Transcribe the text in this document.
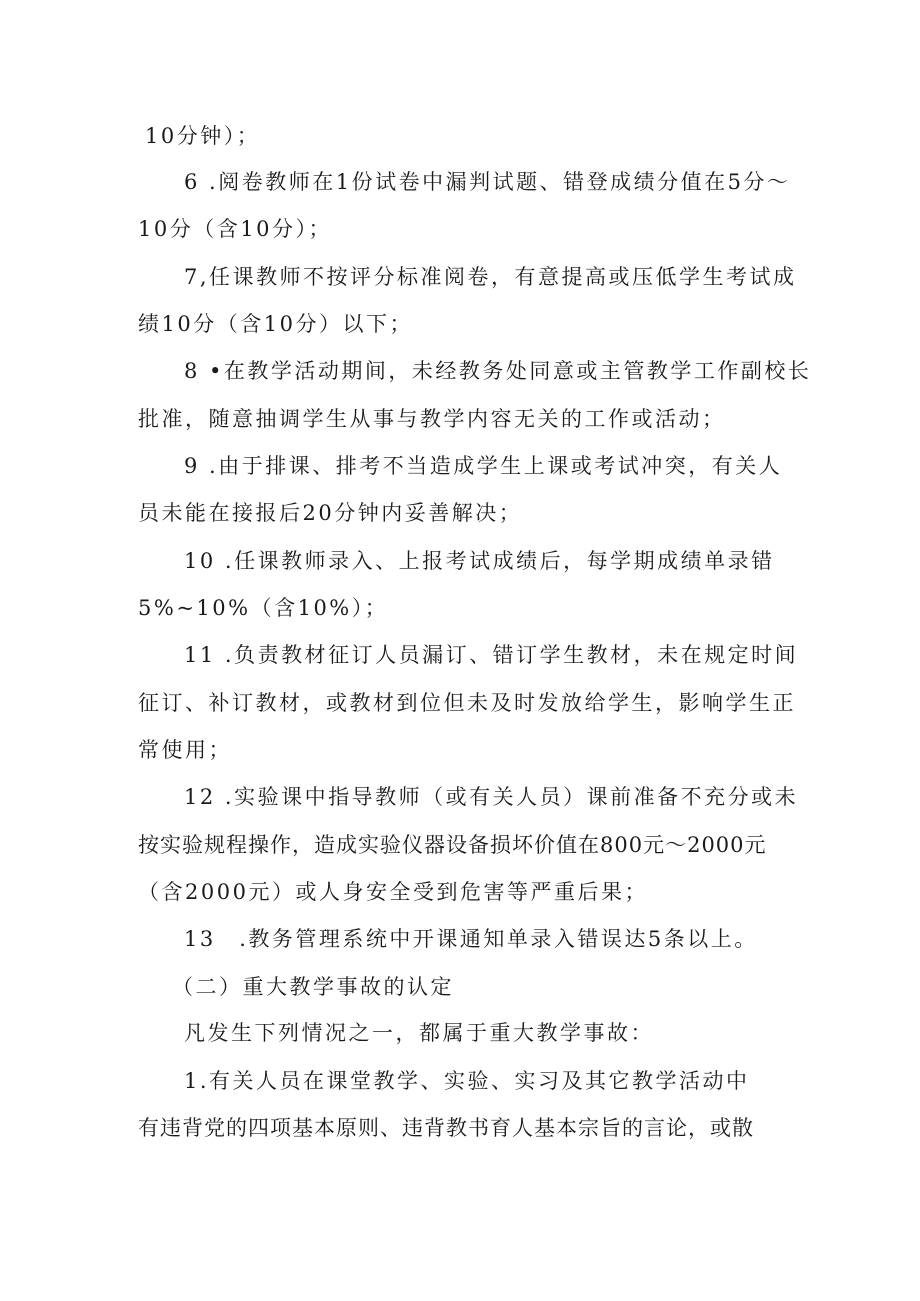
10分钟）；
6 .阅卷教师在1份试卷中漏判试题、错登成绩分值在5分～
10分（含10分）；
7,任课教师不按评分标准阅卷，有意提高或压低学生考试成
绩10分（含10分）以下；
8 •在教学活动期间，未经教务处同意或主管教学工作副校长
批准，随意抽调学生从事与教学内容无关的工作或活动；
9 .由于排课、排考不当造成学生上课或考试冲突，有关人
员未能在接报后20分钟内妥善解决；
10 .任课教师录入、上报考试成绩后，每学期成绩单录错
5%~10%（含10%）；
11 .负责教材征订人员漏订、错订学生教材，未在规定时间
征订、补订教材，或教材到位但未及时发放给学生，影响学生正
常使用；
12 .实验课中指导教师（或有关人员）课前准备不充分或未
按实验规程操作，造成实验仪器设备损坏价值在800元～2000元
（含2000元）或人身安全受到危害等严重后果；
13　.教务管理系统中开课通知单录入错误达5条以上。
（二）重大教学事故的认定
凡发生下列情况之一，都属于重大教学事故：
1.有关人员在课堂教学、实验、实习及其它教学活动中
有违背党的四项基本原则、违背教书育人基本宗旨的言论，或散
